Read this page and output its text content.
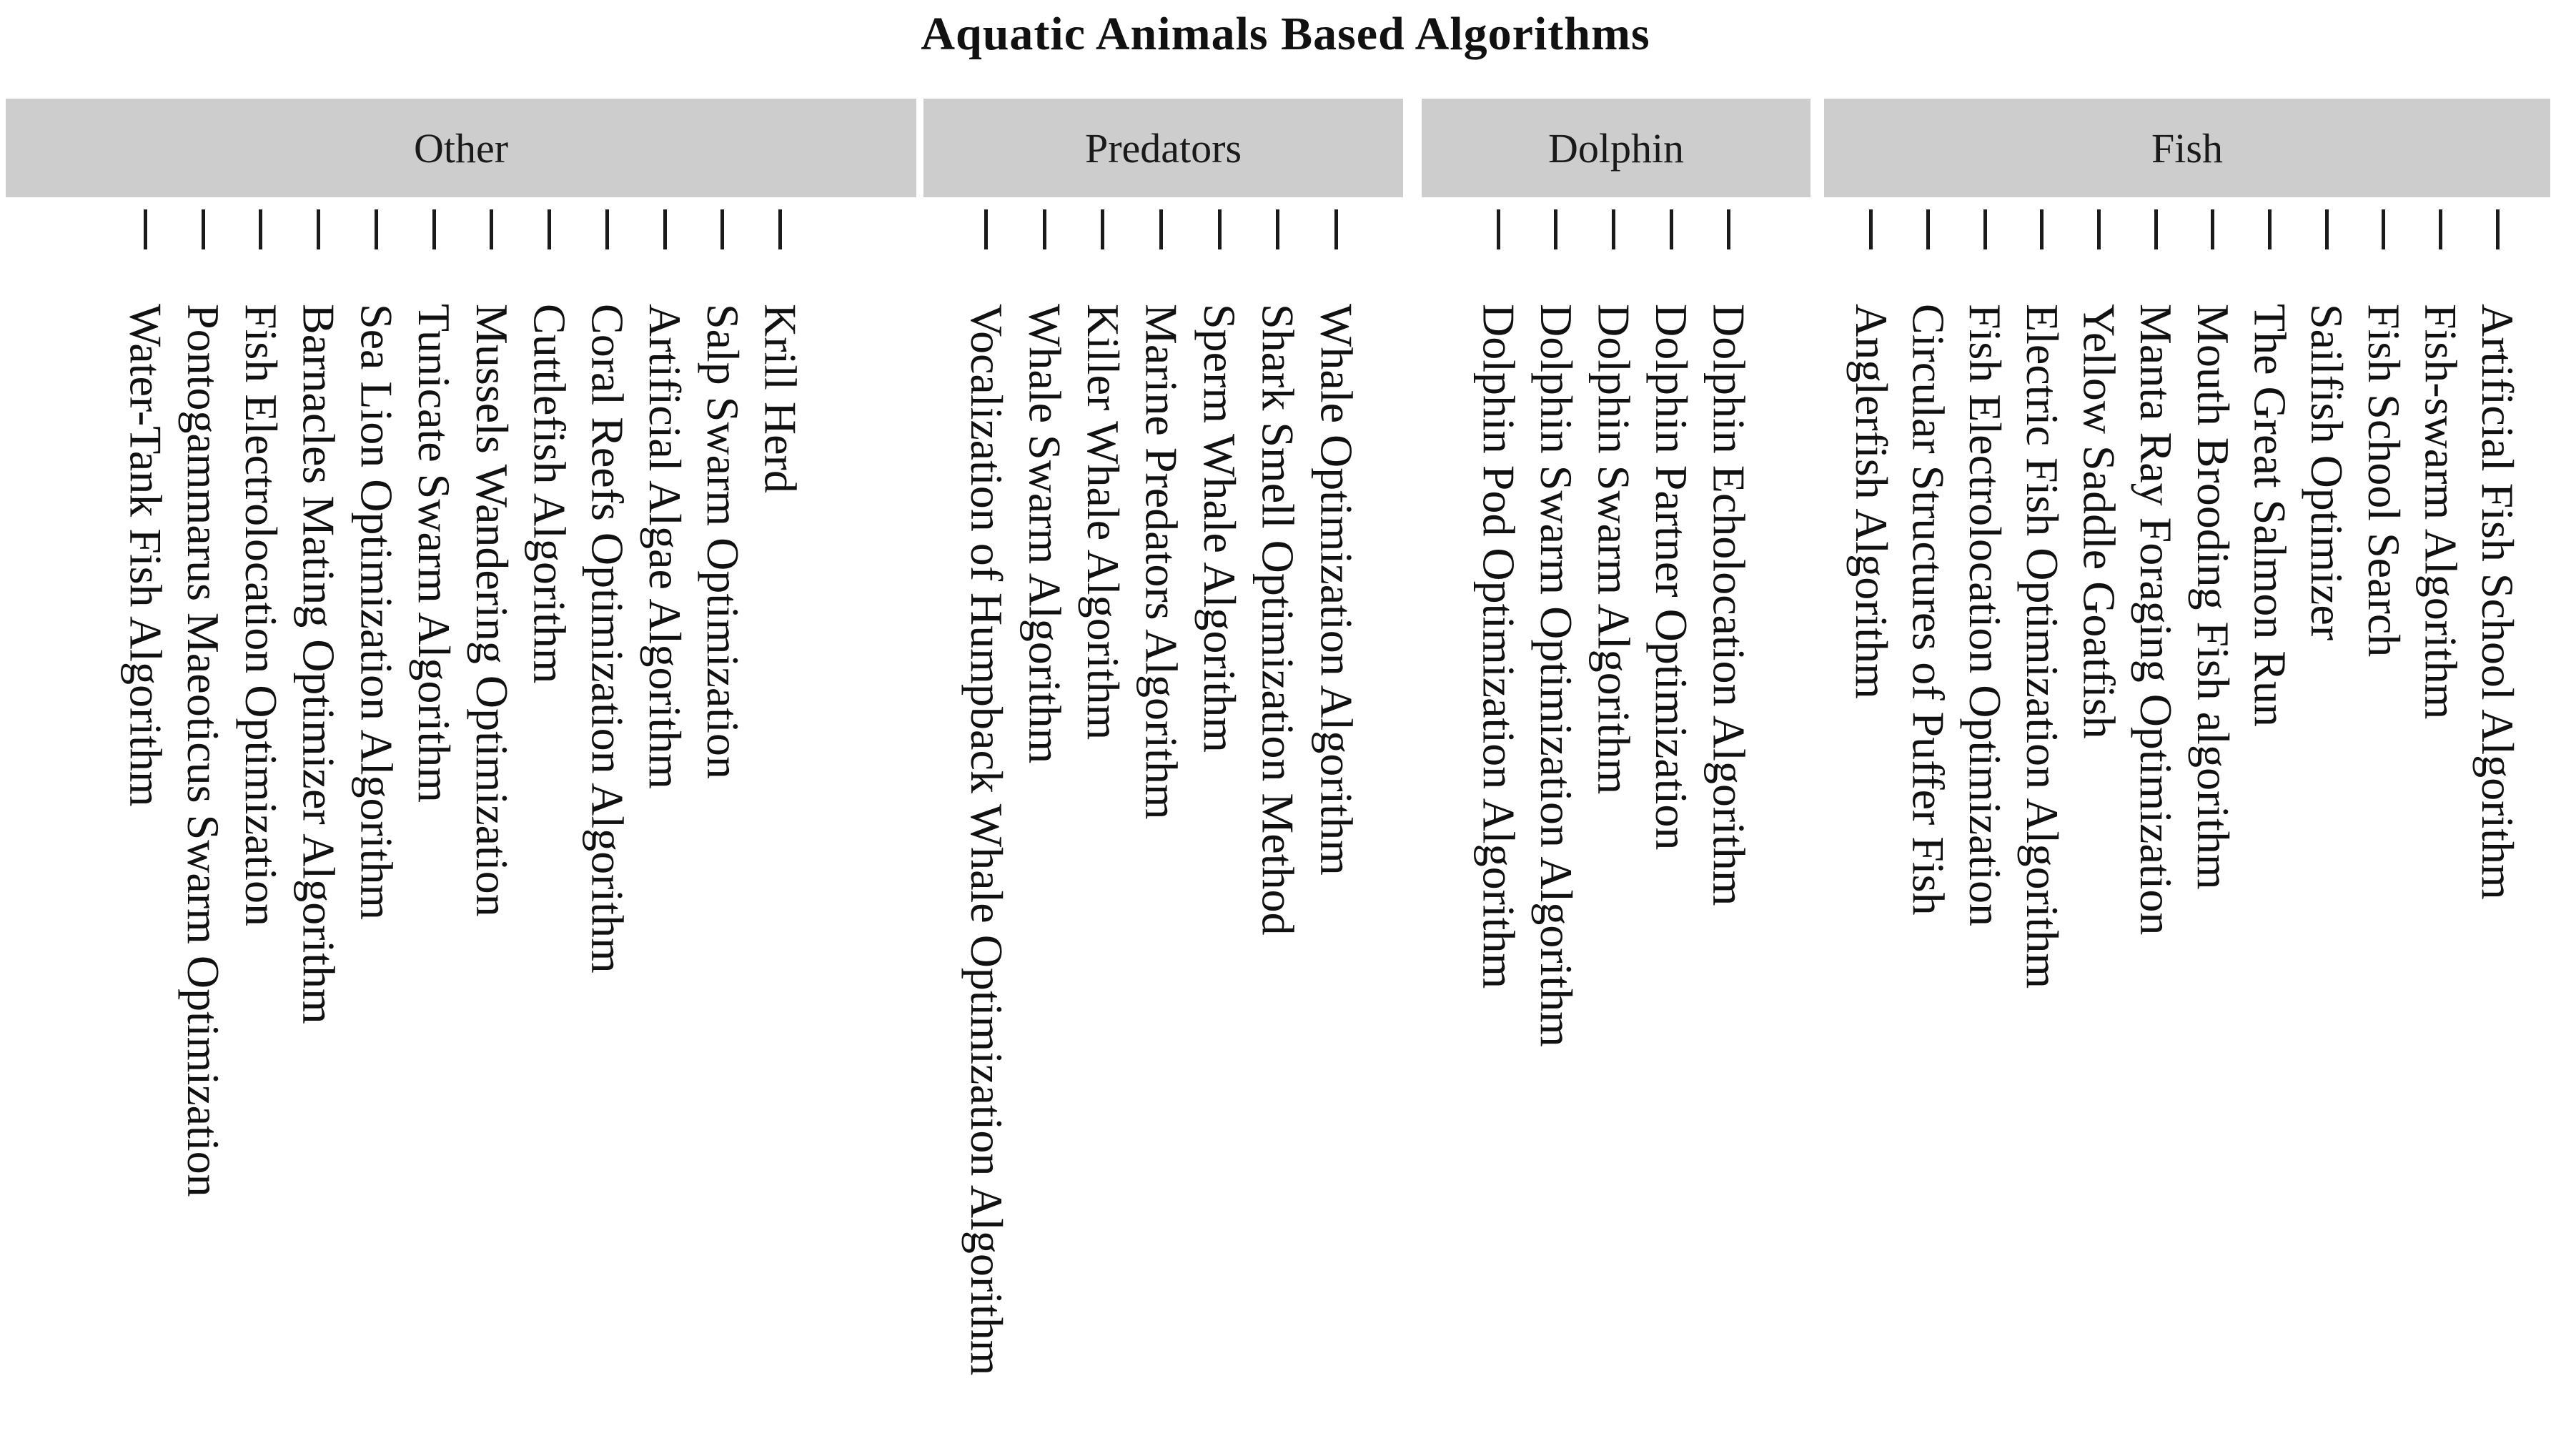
Aquatic Animals Based Algorithms
Other
Water-Tank Fish Algorithm Pontogammarus Maeoticus Swarm Optimization Fish Electrolocation Optimization Barnacles Mating Optimizer Algorithm Sea Lion Optimization Algorithm Tunicate Swarm Algorithm Mussels Wandering Optimization Cuttlefish Algorithm Coral Reefs Optimization Algorithm Artificial Algae Algorithm Salp Swarm Optimization Krill Herd
Predators
Vocalization of Humpback Whale Optimization Algorithm Whale Swarm Algorithm Killer Whale Algorithm Marine Predators Algorithm Sperm Whale Algorithm Shark Smell Optimization Method Whale Optimization Algorithm
Dolphin
Dolphin Pod Optimization Algorithm Dolphin Swarm Optimization Algorithm Dolphin Swarm Algorithm Dolphin Partner Optimization Dolphin Echolocation Algorithm
Fish
Anglerfish Algorithm Circular Structures of Puffer Fish Fish Electrolocation Optimization Electric Fish Optimization Algorithm Yellow Saddle Goatfish Manta Ray Foraging Optimization Mouth Brooding Fish algorithm The Great Salmon Run Sailfish Optimizer Fish School Search Fish-swarm Algorithm Artificial Fish School Algorithm
